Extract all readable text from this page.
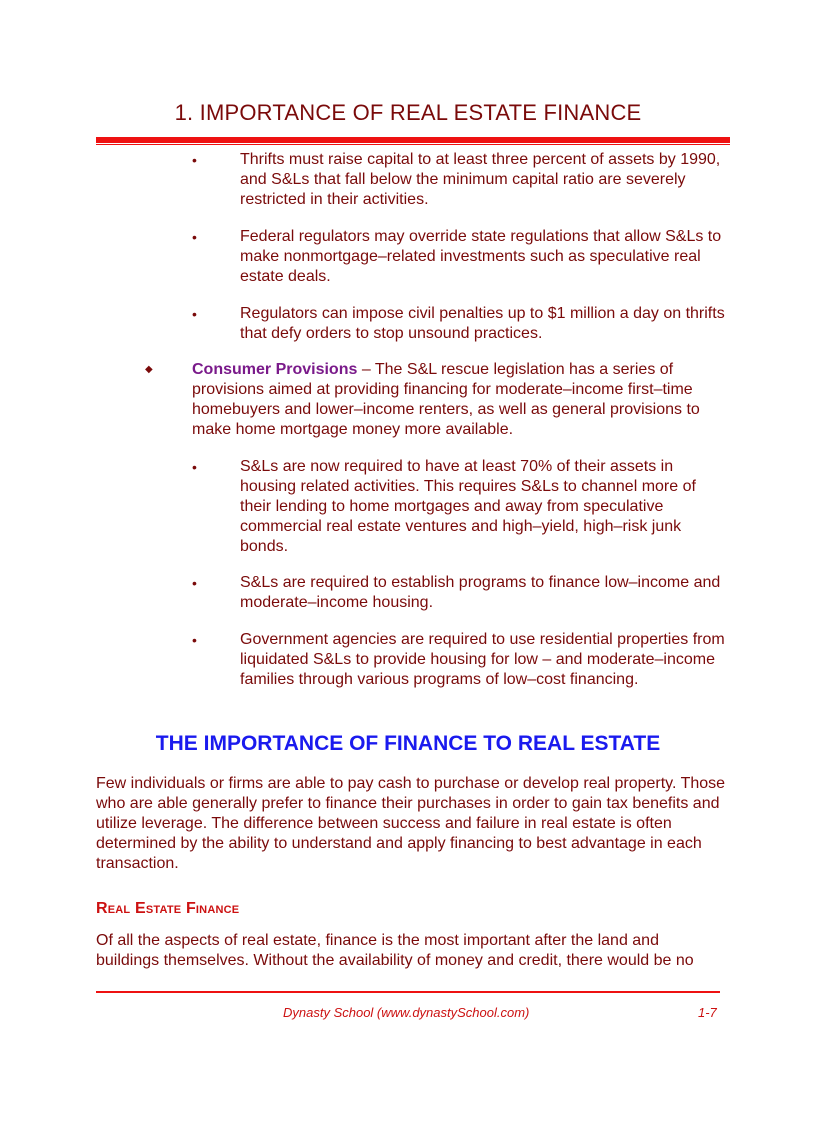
1. IMPORTANCE OF REAL ESTATE FINANCE
•	Thrifts must raise capital to at least three percent of assets by 1990, and S&Ls that fall below the minimum capital ratio are severely restricted in their activities.
•	Federal regulators may override state regulations that allow S&Ls to make nonmortgage–related investments such as speculative real estate deals.
•	Regulators can impose civil penalties up to $1 million a day on thrifts that defy orders to stop unsound practices.
◆ Consumer Provisions – The S&L rescue legislation has a series of provisions aimed at providing financing for moderate–income first–time homebuyers and lower–income renters, as well as general provisions to make home mortgage money more available.
•	S&Ls are now required to have at least 70% of their assets in housing related activities. This requires S&Ls to channel more of their lending to home mortgages and away from speculative commercial real estate ventures and high–yield, high–risk junk bonds.
•	S&Ls are required to establish programs to finance low–income and moderate–income housing.
•	Government agencies are required to use residential properties from liquidated S&Ls to provide housing for low – and moderate–income families through various programs of low–cost financing.
THE IMPORTANCE OF FINANCE TO REAL ESTATE

Few individuals or firms are able to pay cash to purchase or develop real property. Those who are able generally prefer to finance their purchases in order to gain tax benefits and utilize leverage. The difference between success and failure in real estate is often determined by the ability to understand and apply financing to best advantage in each transaction.

Real Estate Finance

Of all the aspects of real estate, finance is the most important after the land and buildings themselves. Without the availability of money and credit, there would be no

Dynasty School (www.dynastySchool.com)	1-7
